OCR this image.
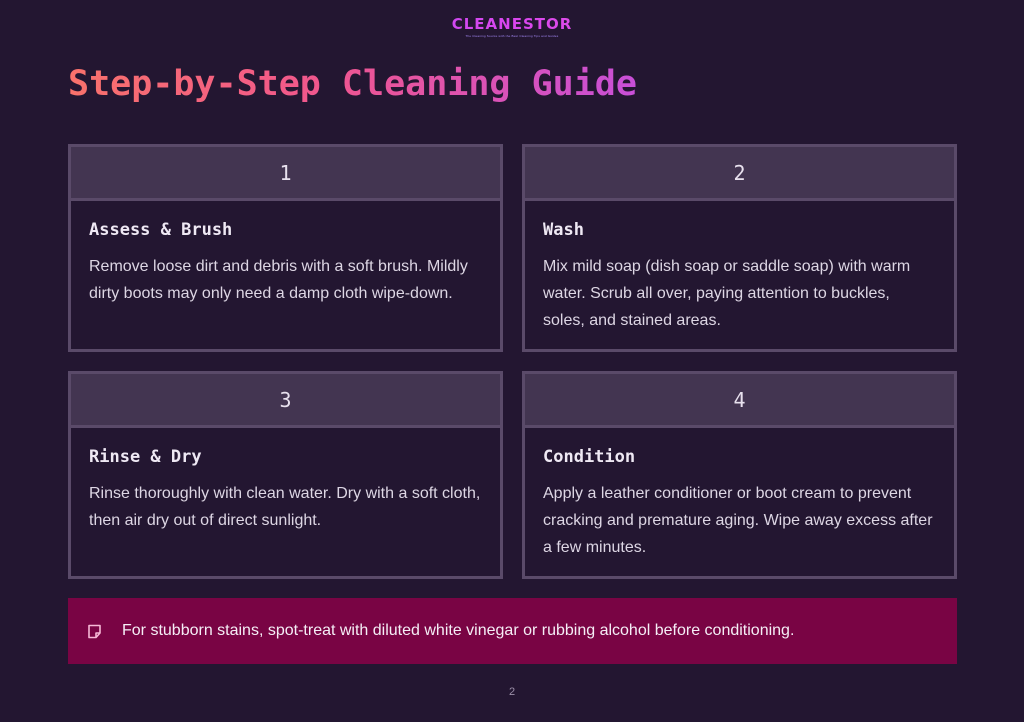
CLEANESTOR
The Cleaning Source with the Best Cleaning Tips and Guides
Step-by-Step Cleaning Guide
1

Assess & Brush

Remove loose dirt and debris with a soft brush. Mildly dirty boots may only need a damp cloth wipe-down.

2

Wash

Mix mild soap (dish soap or saddle soap) with warm water. Scrub all over, paying attention to buckles, soles, and stained areas.

3

Rinse & Dry

Rinse thoroughly with clean water. Dry with a soft cloth, then air dry out of direct sunlight.

4

Condition

Apply a leather conditioner or boot cream to prevent cracking and premature aging. Wipe away excess after a few minutes.

For stubborn stains, spot-treat with diluted white vinegar or rubbing alcohol before conditioning.
2
